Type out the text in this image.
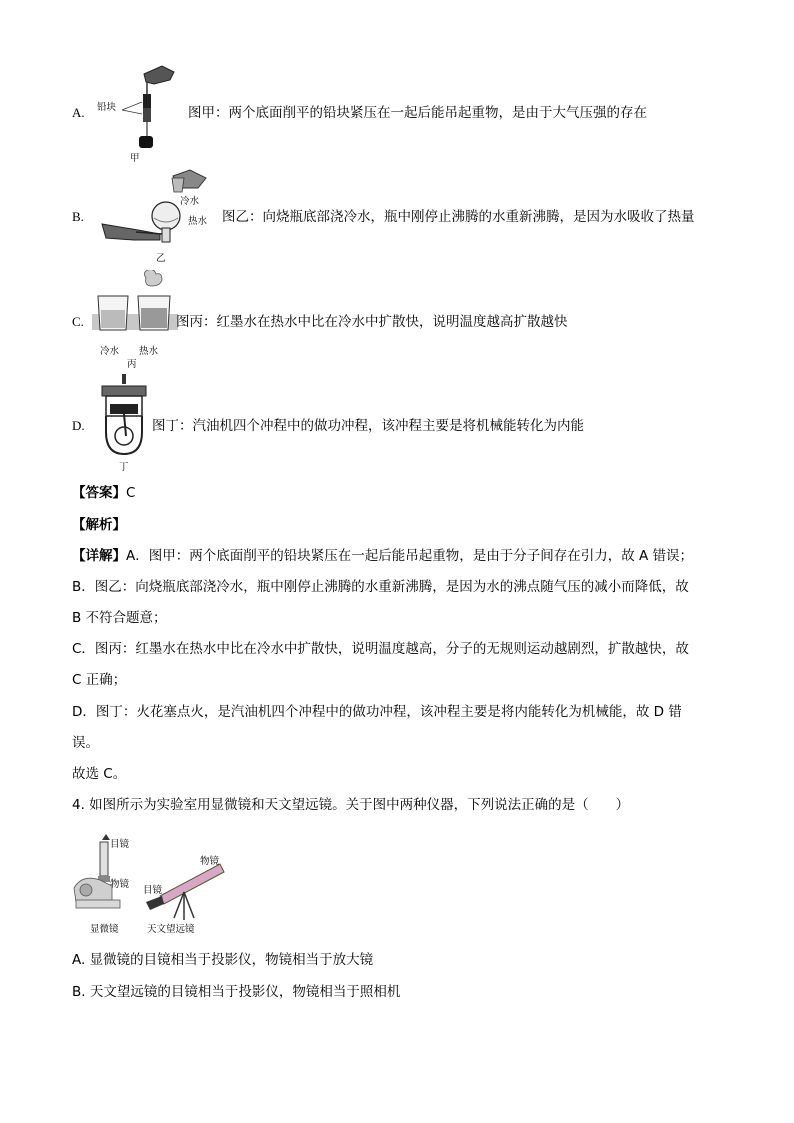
A. 铅块
甲
图甲：两个底面削平的铅块紧压在一起后能吊起重物，是由于大气压强的存在
B.
冷水
热水
乙
图乙：向烧瓶底部浇冷水，瓶中刚停止沸腾的水重新沸腾，是因为水吸收了热量
C.
冷水 热水
丙
图丙：红墨水在热水中比在冷水中扩散快，说明温度越高扩散越快
D.
丁
图丁：汽油机四个冲程中的做功冲程，该冲程主要是将机械能转化为内能
【答案】C
【解析】
【详解】A．图甲：两个底面削平的铅块紧压在一起后能吊起重物，是由于分子间存在引力，故 A 错误；
B．图乙：向烧瓶底部浇冷水，瓶中刚停止沸腾的水重新沸腾，是因为水的沸点随气压的减小而降低，故
B 不符合题意；
C．图丙：红墨水在热水中比在冷水中扩散快，说明温度越高，分子的无规则运动越剧烈，扩散越快，故
C 正确；
D．图丁：火花塞点火，是汽油机四个冲程中的做功冲程，该冲程主要是将内能转化为机械能，故 D 错
误。
故选 C。
4. 如图所示为实验室用显微镜和天文望远镜。关于图中两种仪器，下列说法正确的是（　　）
目镜
物镜
显微镜
物镜
目镜
天文望远镜
A. 显微镜的目镜相当于投影仪，物镜相当于放大镜
B. 天文望远镜的目镜相当于投影仪，物镜相当于照相机
